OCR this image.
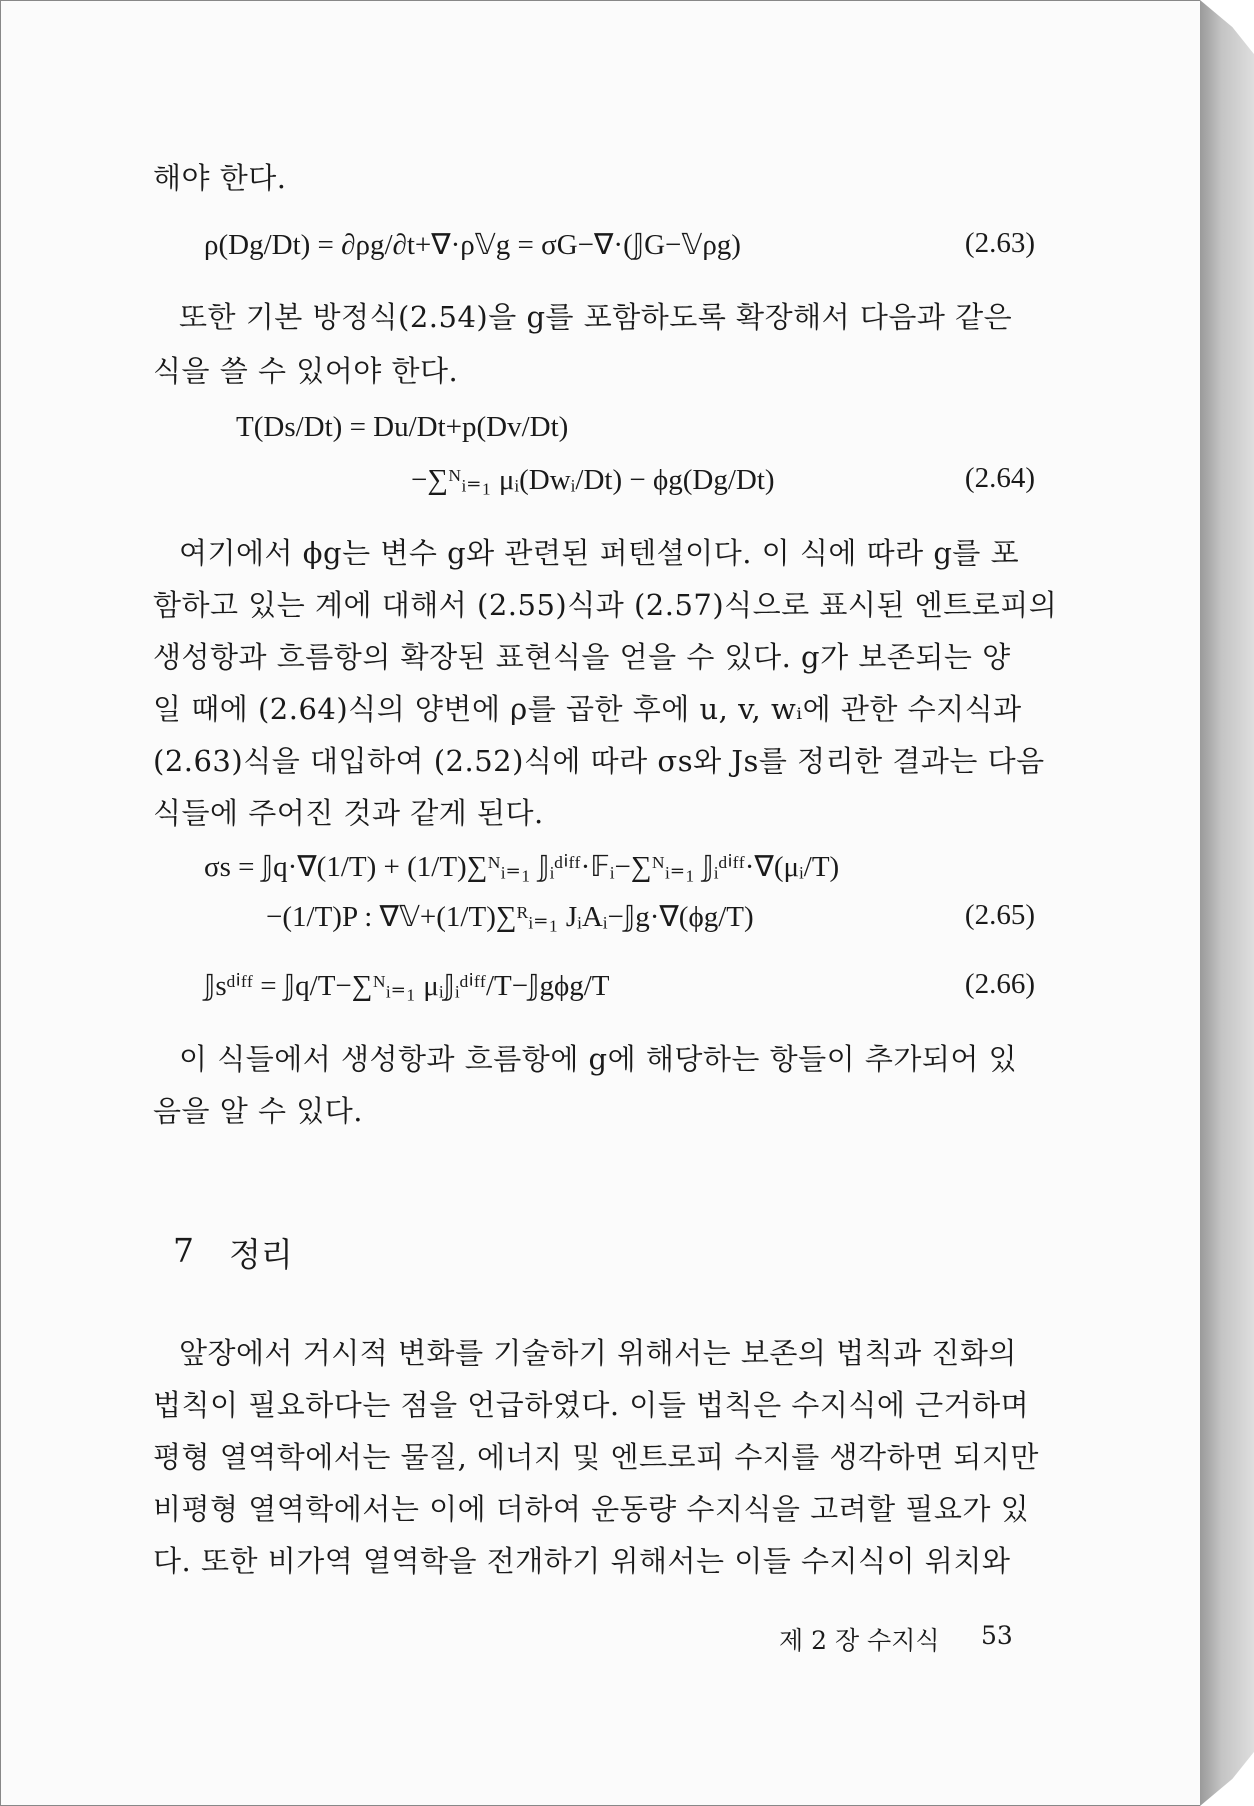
해야 한다.
ρ(Dg/Dt) = ∂ρg/∂t+∇·ρ𝕍g = σG−∇·(𝕁G−𝕍ρg)	(2.63)
또한 기본 방정식(2.54)을 g를 포함하도록 확장해서 다음과 같은
식을 쓸 수 있어야 한다.
T(Ds/Dt) = Du/Dt+p(Dv/Dt)
−∑ᴺᵢ₌₁ μᵢ(Dwᵢ/Dt) − ϕg(Dg/Dt)	(2.64)
여기에서 ϕg는 변수 g와 관련된 퍼텐셜이다. 이 식에 따라 g를 포
함하고 있는 계에 대해서 (2.55)식과 (2.57)식으로 표시된 엔트로피의
생성항과 흐름항의 확장된 표현식을 얻을 수 있다. g가 보존되는 양
일 때에 (2.64)식의 양변에 ρ를 곱한 후에 u, v, wᵢ에 관한 수지식과
(2.63)식을 대입하여 (2.52)식에 따라 σs와 Js를 정리한 결과는 다음
식들에 주어진 것과 같게 된다.
σs = 𝕁q·∇(1/T) + (1/T)∑ᴺᵢ₌₁ 𝕁ᵢᵈⁱᶠᶠ·𝔽ᵢ−∑ᴺᵢ₌₁ 𝕁ᵢᵈⁱᶠᶠ·∇(μᵢ/T)
−(1/T)P : ∇𝕍+(1/T)∑ᴿᵢ₌₁ JᵢAᵢ−𝕁g·∇(ϕg/T)	(2.65)
𝕁sᵈⁱᶠᶠ = 𝕁q/T−∑ᴺᵢ₌₁ μᵢ𝕁ᵢᵈⁱᶠᶠ/T−𝕁gϕg/T	(2.66)
이 식들에서 생성항과 흐름항에 g에 해당하는 항들이 추가되어 있
음을 알 수 있다.
7 정리
앞장에서 거시적 변화를 기술하기 위해서는 보존의 법칙과 진화의
법칙이 필요하다는 점을 언급하였다. 이들 법칙은 수지식에 근거하며
평형 열역학에서는 물질, 에너지 및 엔트로피 수지를 생각하면 되지만
비평형 열역학에서는 이에 더하여 운동량 수지식을 고려할 필요가 있
다. 또한 비가역 열역학을 전개하기 위해서는 이들 수지식이 위치와
제 2 장 수지식 53
